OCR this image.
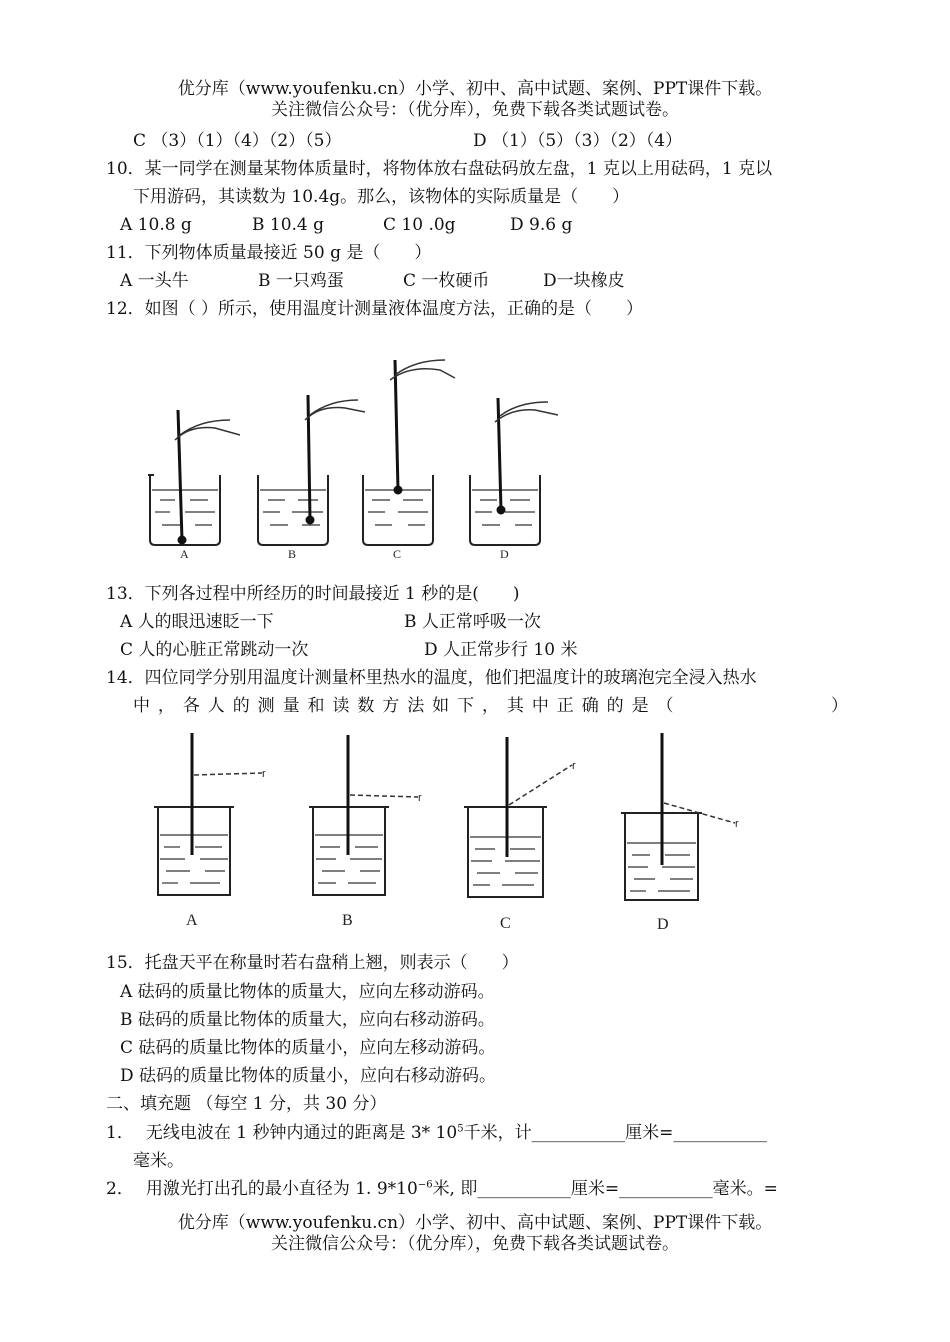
优分库（www.youfenku.cn）小学、初中、高中试题、案例、PPT课件下载。
关注微信公众号：（优分库），免费下载各类试题试卷。
C （3）（1）（4）（2）（5）	D （1）（5）（3）（2）（4）
10．某一同学在测量某物体质量时，将物体放右盘砝码放左盘，1 克以上用砝码，1 克以
下用游码，其读数为 10.4g。那么，该物体的实际质量是（　　）
A 10.8 g	B 10.4 g	C 10 .0g	D 9.6 g
11．下列物体质量最接近 50 g 是（　　）
A 一头牛	B 一只鸡蛋	C 一枚硬币	D一块橡皮
12．如图（ ）所示，使用温度计测量液体温度方法，正确的是（　　）
A	B	C	D
13．下列各过程中所经历的时间最接近 1 秒的是(　　)
A 人的眼迅速眨一下	B 人正常呼吸一次
C 人的心脏正常跳动一次	D 人正常步行 10 米
14．四位同学分别用温度计测量杯里热水的温度，他们把温度计的玻璃泡完全浸入热水
中，各人的测量和读数方法如下，其中正确的是（　　　　　　）
r
r
r
r
A	B	C	D
15．托盘天平在称量时若右盘稍上翘，则表示（　　）
A 砝码的质量比物体的质量大，应向左移动游码。
B 砝码的质量比物体的质量大，应向右移动游码。
C 砝码的质量比物体的质量小，应向左移动游码。
D 砝码的质量比物体的质量小，应向右移动游码。
二、填充题 （每空 1 分，共 30 分）
1． 无线电波在 1 秒钟内通过的距离是 3* $10^5$千米，计___________厘米=___________
毫米。
2． 用激光打出孔的最小直径为 1. $9*10^{-6}$米, 即___________厘米=___________毫米。=
优分库（www.youfenku.cn）小学、初中、高中试题、案例、PPT课件下载。
关注微信公众号：（优分库），免费下载各类试题试卷。
